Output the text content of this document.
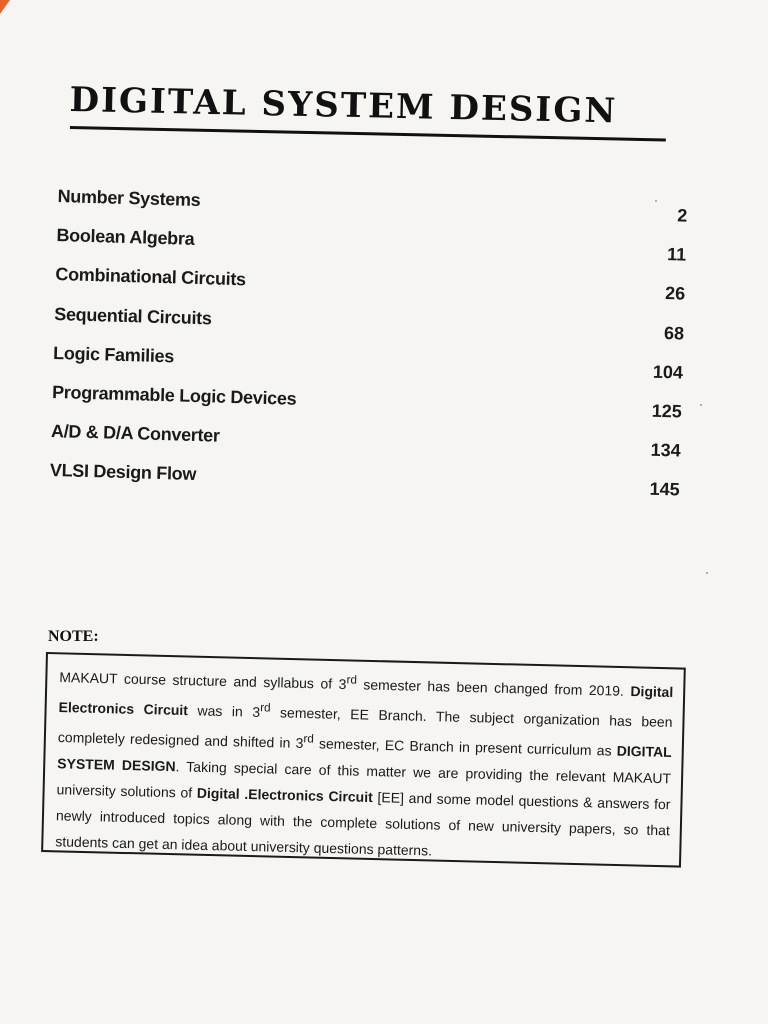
DIGITAL SYSTEM DESIGN
Number Systems
2
Boolean Algebra
11
Combinational Circuits
26
Sequential Circuits
68
Logic Families
104
Programmable Logic Devices
125
A/D & D/A Converter
134
VLSI Design Flow
145
NOTE:

MAKAUT course structure and syllabus of 3rd semester has been changed from 2019. Digital Electronics Circuit was in 3rd semester, EE Branch. The subject organization has been completely redesigned and shifted in 3rd semester, EC Branch in present curriculum as DIGITAL SYSTEM DESIGN. Taking special care of this matter we are providing the relevant MAKAUT university solutions of Digital .Electronics Circuit [EE] and some model questions & answers for newly introduced topics along with the complete solutions of new university papers, so that students can get an idea about university questions patterns.
